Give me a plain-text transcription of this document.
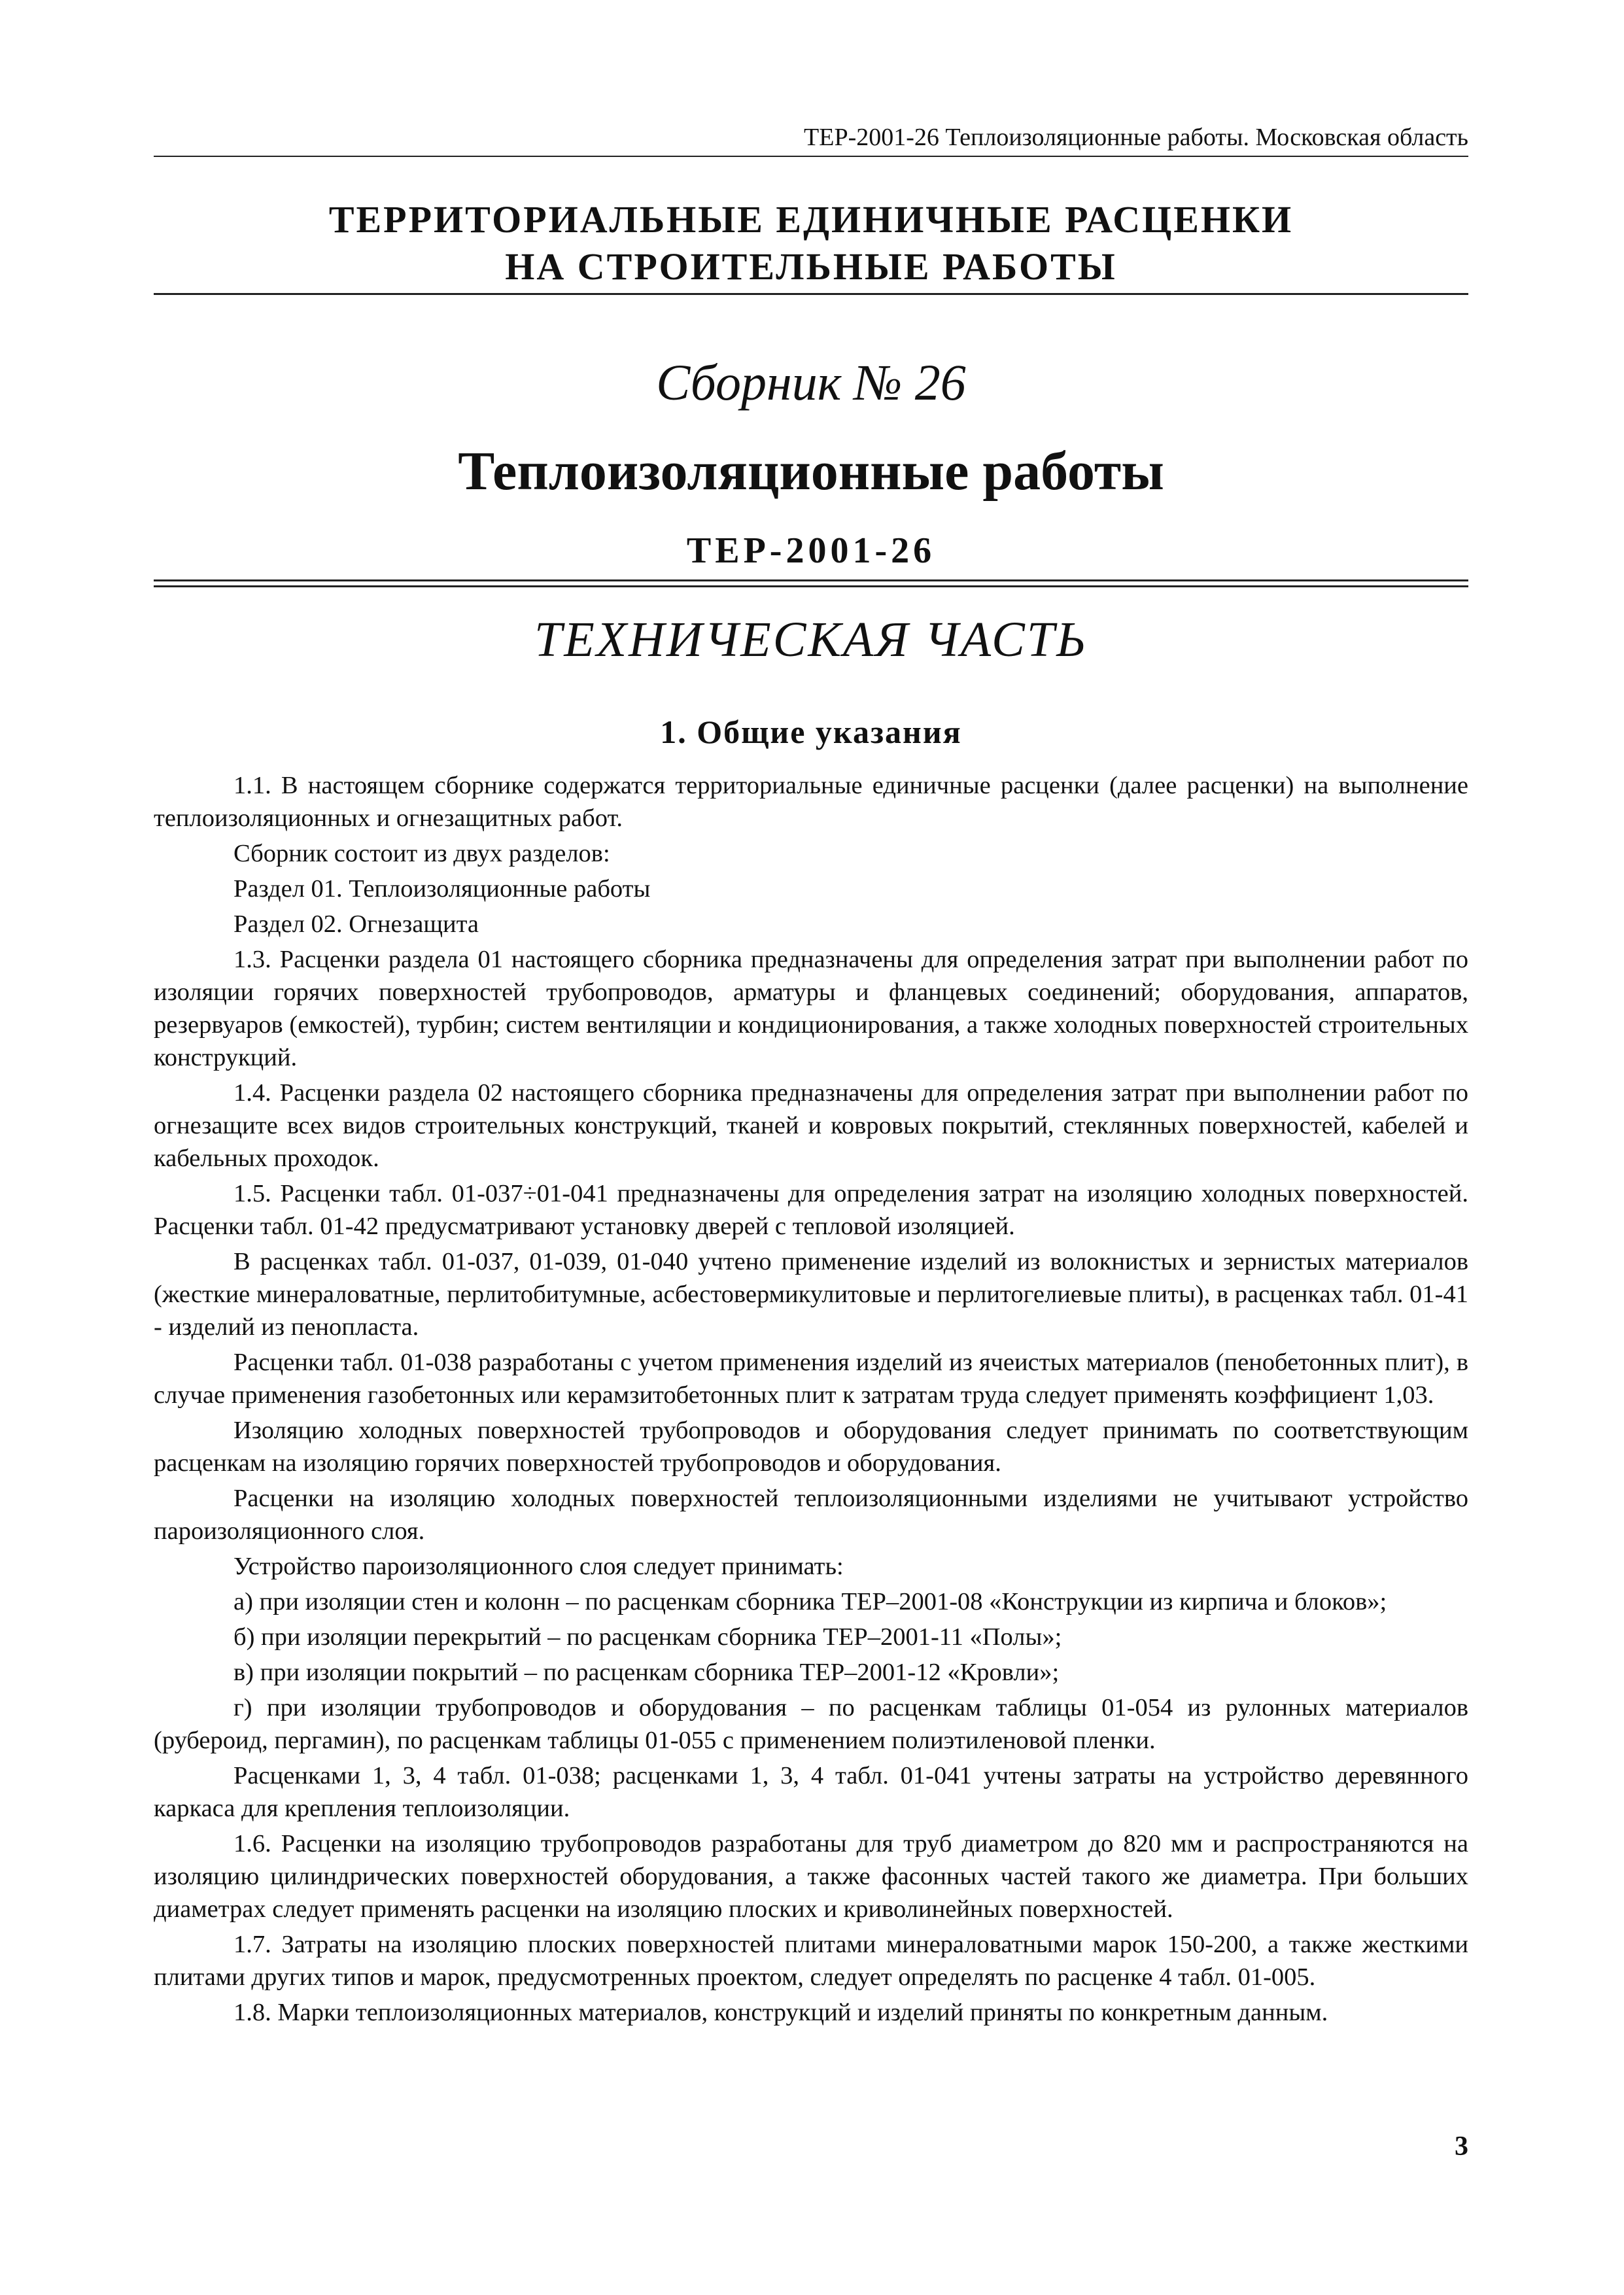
ТЕР-2001-26 Теплоизоляционные работы. Московская область
ТЕРРИТОРИАЛЬНЫЕ ЕДИНИЧНЫЕ РАСЦЕНКИ
НА СТРОИТЕЛЬНЫЕ РАБОТЫ
Сборник № 26
Теплоизоляционные работы
ТЕР-2001-26
ТЕХНИЧЕСКАЯ ЧАСТЬ
1. Общие указания

1.1. В настоящем сборнике содержатся территориальные единичные расценки (далее расценки) на выполнение теплоизоляционных и огнезащитных работ.

Сборник состоит из двух разделов:

Раздел 01. Теплоизоляционные работы

Раздел 02. Огнезащита

1.3. Расценки раздела 01 настоящего сборника предназначены для определения затрат при выполнении работ по изоляции горячих поверхностей трубопроводов, арматуры и фланцевых соединений; оборудования, аппаратов, резервуаров (емкостей), турбин; систем вентиляции и кондиционирования, а также холодных поверхностей строительных конструкций.

1.4. Расценки раздела 02 настоящего сборника предназначены для определения затрат при выполнении работ по огнезащите всех видов строительных конструкций, тканей и ковровых покрытий, стеклянных поверхностей, кабелей и кабельных проходок.

1.5. Расценки табл. 01-037÷01-041 предназначены для определения затрат на изоляцию холодных поверхностей. Расценки табл. 01-42 предусматривают установку дверей с тепловой изоляцией.

В расценках табл. 01-037, 01-039, 01-040 учтено применение изделий из волокнистых и зернистых материалов (жесткие минераловатные, перлитобитумные, асбестовермикулитовые и перлитогелиевые плиты), в расценках табл. 01-41 - изделий из пенопласта.

Расценки табл. 01-038 разработаны с учетом применения изделий из ячеистых материалов (пенобетонных плит), в случае применения газобетонных или керамзитобетонных плит к затратам труда следует применять коэффициент 1,03.

Изоляцию холодных поверхностей трубопроводов и оборудования следует принимать по соответствующим расценкам на изоляцию горячих поверхностей трубопроводов и оборудования.

Расценки на изоляцию холодных поверхностей теплоизоляционными изделиями не учитывают устройство пароизоляционного слоя.

Устройство пароизоляционного слоя следует принимать:

а) при изоляции стен и колонн – по расценкам сборника ТЕР–2001-08 «Конструкции из кирпича и блоков»;

б) при изоляции перекрытий – по расценкам сборника ТЕР–2001-11 «Полы»;

в) при изоляции покрытий – по расценкам сборника ТЕР–2001-12 «Кровли»;

г) при изоляции трубопроводов и оборудования – по расценкам таблицы 01-054 из рулонных материалов (рубероид, пергамин), по расценкам таблицы 01-055 с применением полиэтиленовой пленки.

Расценками 1, 3, 4 табл. 01-038; расценками 1, 3, 4 табл. 01-041 учтены затраты на устройство деревянного каркаса для крепления теплоизоляции.

1.6. Расценки на изоляцию трубопроводов разработаны для труб диаметром до 820 мм и распространяются на изоляцию цилиндрических поверхностей оборудования, а также фасонных частей такого же диаметра. При больших диаметрах следует применять расценки на изоляцию плоских и криволинейных поверхностей.

1.7. Затраты на изоляцию плоских поверхностей плитами минераловатными марок 150-200, а также жесткими плитами других типов и марок, предусмотренных проектом, следует определять по расценке 4 табл. 01-005.

1.8. Марки теплоизоляционных материалов, конструкций и изделий приняты по конкретным данным.

3
